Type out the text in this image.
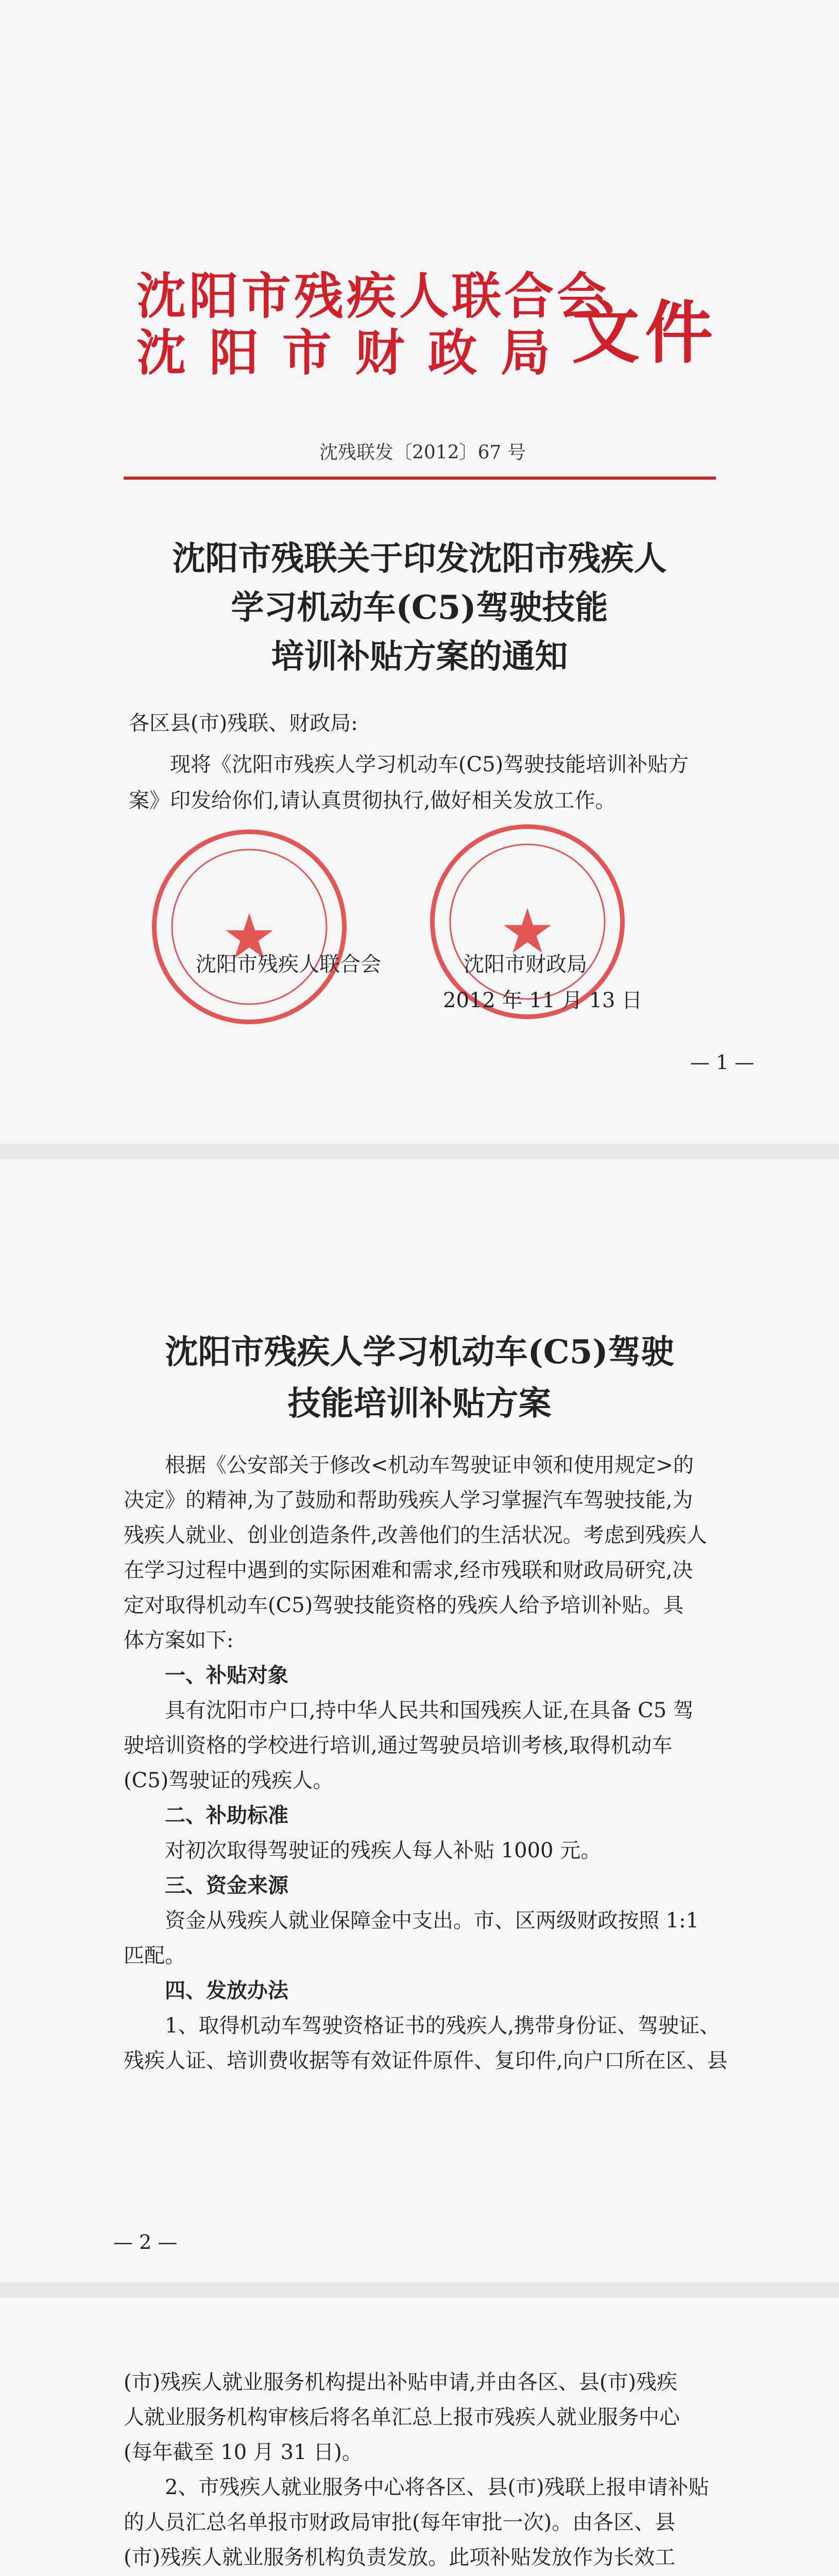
沈阳市残疾人联合会
沈 阳 市 财 政 局 文件
沈残联发〔2012〕67 号
沈阳市残联关于印发沈阳市残疾人
学习机动车(C5)驾驶技能
培训补贴方案的通知
各区县(市)残联、财政局:
现将《沈阳市残疾人学习机动车(C5)驾驶技能培训补贴方
案》印发给你们,请认真贯彻执行,做好相关发放工作。
★	★
沈阳市残疾人联合会	沈阳市财政局
2012 年 11 月 13 日
— 1 —
沈阳市残疾人学习机动车(C5)驾驶
技能培训补贴方案
根据《公安部关于修改<机动车驾驶证申领和使用规定>的
决定》的精神,为了鼓励和帮助残疾人学习掌握汽车驾驶技能,为
残疾人就业、创业创造条件,改善他们的生活状况。考虑到残疾人
在学习过程中遇到的实际困难和需求,经市残联和财政局研究,决
定对取得机动车(C5)驾驶技能资格的残疾人给予培训补贴。具
体方案如下:
一、补贴对象
具有沈阳市户口,持中华人民共和国残疾人证,在具备 C5 驾
驶培训资格的学校进行培训,通过驾驶员培训考核,取得机动车
(C5)驾驶证的残疾人。
二、补助标准
对初次取得驾驶证的残疾人每人补贴 1000 元。
三、资金来源
资金从残疾人就业保障金中支出。市、区两级财政按照 1:1
匹配。
四、发放办法
1、取得机动车驾驶资格证书的残疾人,携带身份证、驾驶证、
残疾人证、培训费收据等有效证件原件、复印件,向户口所在区、县
— 2 —
(市)残疾人就业服务机构提出补贴申请,并由各区、县(市)残疾
人就业服务机构审核后将名单汇总上报市残疾人就业服务中心
(每年截至 10 月 31 日)。
2、市残疾人就业服务中心将各区、县(市)残联上报申请补贴
的人员汇总名单报市财政局审批(每年审批一次)。由各区、县
(市)残疾人就业服务机构负责发放。此项补贴发放作为长效工
